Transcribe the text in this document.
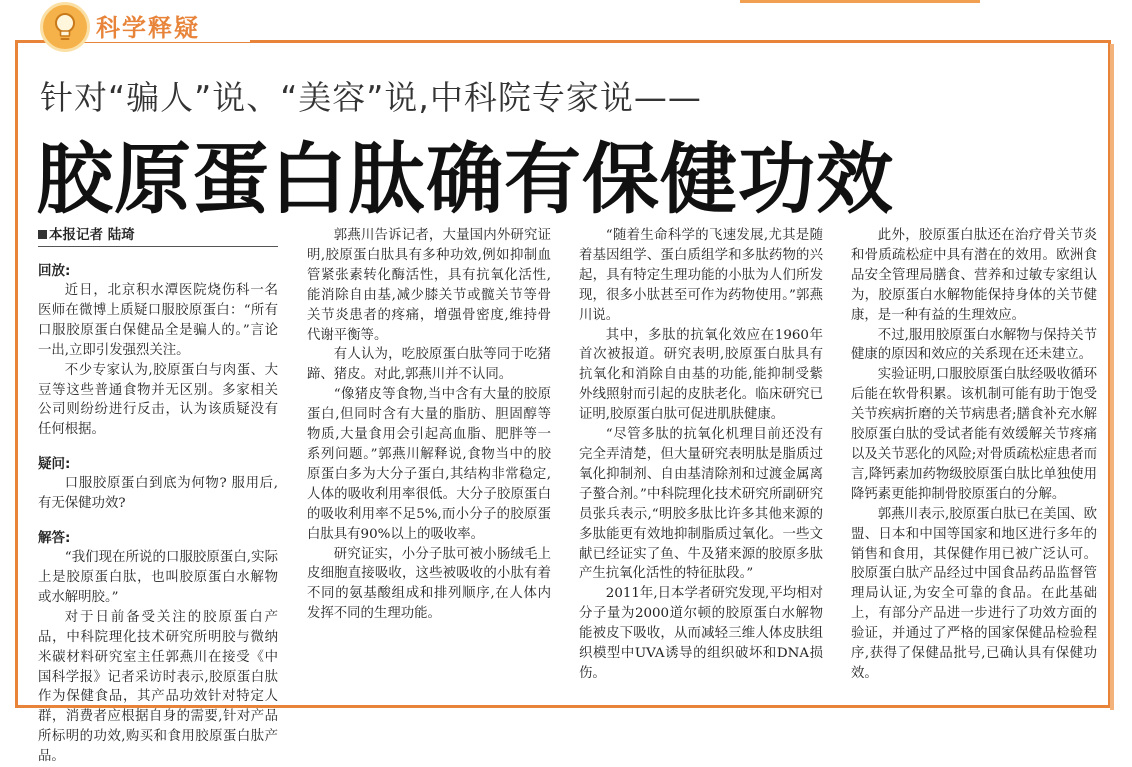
科学释疑
针对“骗人”说、“美容”说,中科院专家说——
胶原蛋白肽确有保健功效
本报记者 陆琦
回放:

近日，北京积水潭医院烧伤科一名医师在微博上质疑口服胶原蛋白：“所有口服胶原蛋白保健品全是骗人的。”言论一出,立即引发强烈关注。

不少专家认为,胶原蛋白与肉蛋、大豆等这些普通食物并无区别。多家相关公司则纷纷进行反击，认为该质疑没有任何根据。

疑问:

口服胶原蛋白到底为何物? 服用后,有无保健功效?

解答:

“我们现在所说的口服胶原蛋白,实际上是胶原蛋白肽，也叫胶原蛋白水解物或水解明胶。”

对于日前备受关注的胶原蛋白产品，中科院理化技术研究所明胶与微纳米碳材料研究室主任郭燕川在接受《中国科学报》记者采访时表示,胶原蛋白肽作为保健食品，其产品功效针对特定人群，消费者应根据自身的需要,针对产品所标明的功效,购买和食用胶原蛋白肽产品。

郭燕川告诉记者，大量国内外研究证明,胶原蛋白肽具有多种功效,例如抑制血管紧张素转化酶活性，具有抗氧化活性,能消除自由基,减少膝关节或髋关节等骨关节炎患者的疼痛，增强骨密度,维持骨代谢平衡等。

有人认为，吃胶原蛋白肽等同于吃猪蹄、猪皮。对此,郭燕川并不认同。

“像猪皮等食物,当中含有大量的胶原蛋白,但同时含有大量的脂肪、胆固醇等物质,大量食用会引起高血脂、肥胖等一系列问题。”郭燕川解释说,食物当中的胶原蛋白多为大分子蛋白,其结构非常稳定,人体的吸收利用率很低。大分子胶原蛋白的吸收利用率不足5%,而小分子的胶原蛋白肽具有90%以上的吸收率。

研究证实，小分子肽可被小肠绒毛上皮细胞直接吸收，这些被吸收的小肽有着不同的氨基酸组成和排列顺序,在人体内发挥不同的生理功能。

“随着生命科学的飞速发展,尤其是随着基因组学、蛋白质组学和多肽药物的兴起，具有特定生理功能的小肽为人们所发现，很多小肽甚至可作为药物使用。”郭燕川说。

其中，多肽的抗氧化效应在1960年首次被报道。研究表明,胶原蛋白肽具有抗氧化和消除自由基的功能,能抑制受紫外线照射而引起的皮肤老化。临床研究已证明,胶原蛋白肽可促进肌肤健康。

“尽管多肽的抗氧化机理目前还没有完全弄清楚，但大量研究表明肽是脂质过氧化抑制剂、自由基清除剂和过渡金属离子螯合剂。”中科院理化技术研究所副研究员张兵表示,“明胶多肽比许多其他来源的多肽能更有效地抑制脂质过氧化。一些文献已经证实了鱼、牛及猪来源的胶原多肽产生抗氧化活性的特征肽段。”

2011年,日本学者研究发现,平均相对分子量为2000道尔顿的胶原蛋白水解物能被皮下吸收，从而减轻三维人体皮肤组织模型中UVA诱导的组织破坏和DNA损伤。

此外，胶原蛋白肽还在治疗骨关节炎和骨质疏松症中具有潜在的效用。欧洲食品安全管理局膳食、营养和过敏专家组认为，胶原蛋白水解物能保持身体的关节健康，是一种有益的生理效应。

不过,服用胶原蛋白水解物与保持关节健康的原因和效应的关系现在还未建立。

实验证明,口服胶原蛋白肽经吸收循环后能在软骨积累。该机制可能有助于饱受关节疾病折磨的关节病患者;膳食补充水解胶原蛋白肽的受试者能有效缓解关节疼痛以及关节恶化的风险;对骨质疏松症患者而言,降钙素加药物级胶原蛋白肽比单独使用降钙素更能抑制骨胶原蛋白的分解。

郭燕川表示,胶原蛋白肽已在美国、欧盟、日本和中国等国家和地区进行多年的销售和食用，其保健作用已被广泛认可。胶原蛋白肽产品经过中国食品药品监督管理局认证,为安全可靠的食品。在此基础上，有部分产品进一步进行了功效方面的验证，并通过了严格的国家保健品检验程序,获得了保健品批号,已确认具有保健功效。
